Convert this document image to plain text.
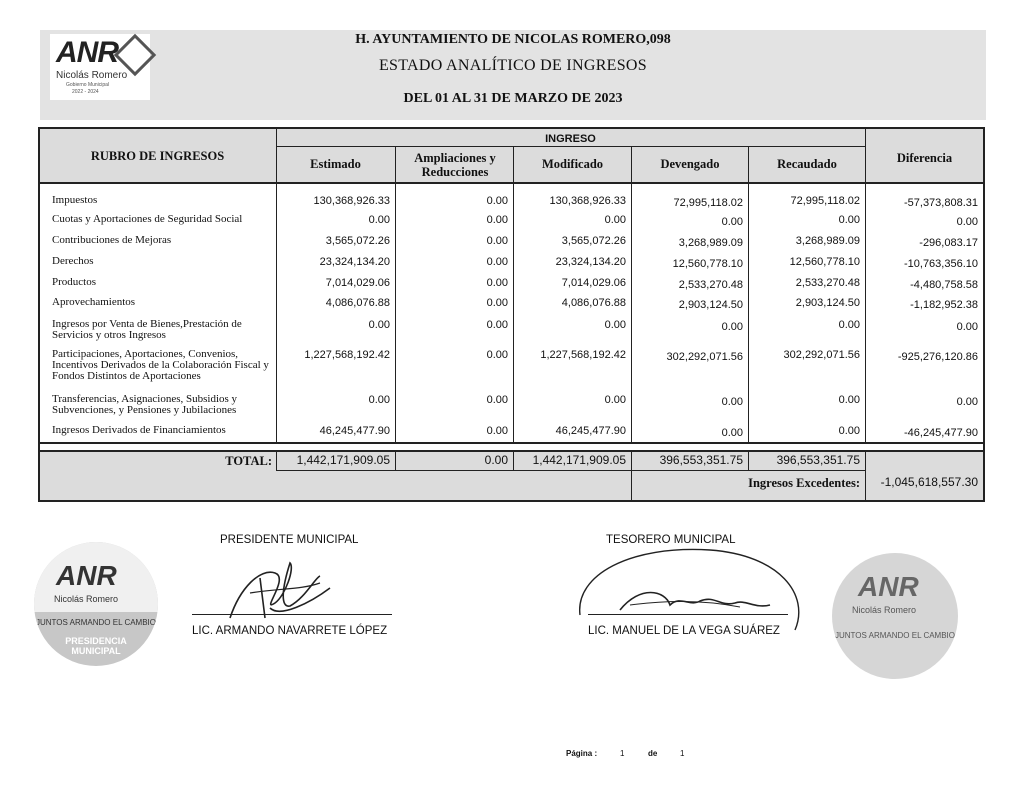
H. AYUNTAMIENTO DE NICOLAS ROMERO,098
ESTADO ANALÍTICO DE INGRESOS
DEL 01 AL 31 DE MARZO DE 2023
ANR
Nicolás Romero
Gobierno Municipal
2022 - 2024
RUBRO DE INGRESOS
INGRESO
Estimado	Ampliaciones y Reducciones
Modificado	Devengado	Recaudado	Diferencia
TOTAL:	1,442,171,909.05	0.00	1,442,171,909.05	396,553,351.75	396,553,351.75
Ingresos Excedentes:	-1,045,618,557.30
Impuestos	130,368,926.33	0.00	130,368,926.33	72,995,118.02	72,995,118.02	-57,373,808.31
Cuotas y Aportaciones de Seguridad Social	0.00	0.00	0.00	0.00	0.00	0.00
Contribuciones de Mejoras	3,565,072.26	0.00	3,565,072.26	3,268,989.09	3,268,989.09	-296,083.17
Derechos	23,324,134.20	0.00	23,324,134.20	12,560,778.10	12,560,778.10	-10,763,356.10
Productos	7,014,029.06	0.00	7,014,029.06	2,533,270.48	2,533,270.48	-4,480,758.58
Aprovechamientos	4,086,076.88	0.00	4,086,076.88	2,903,124.50	2,903,124.50	-1,182,952.38
Ingresos por Venta de Bienes,Prestación de Servicios y otros Ingresos
0.00	0.00	0.00	0.00	0.00	0.00
Participaciones, Aportaciones, Convenios, Incentivos Derivados de la Colaboración Fiscal y Fondos Distintos de Aportaciones
1,227,568,192.42	0.00	1,227,568,192.42	302,292,071.56	302,292,071.56	-925,276,120.86
Transferencias, Asignaciones, Subsidios y Subvenciones, y Pensiones y Jubilaciones
0.00	0.00	0.00	0.00	0.00	0.00
Ingresos Derivados de Financiamientos	46,245,477.90	0.00	46,245,477.90	0.00	0.00	-46,245,477.90
PRESIDENTE MUNICIPAL
LIC. ARMANDO NAVARRETE LÓPEZ
TESORERO MUNICIPAL
LIC. MANUEL DE LA VEGA SUÁREZ
ANR
Nicolás Romero
JUNTOS ARMANDO EL CAMBIO
PRESIDENCIA MUNICIPAL
ANR
Nicolás Romero
JUNTOS ARMANDO EL CAMBIO
Página :	1	de	1
